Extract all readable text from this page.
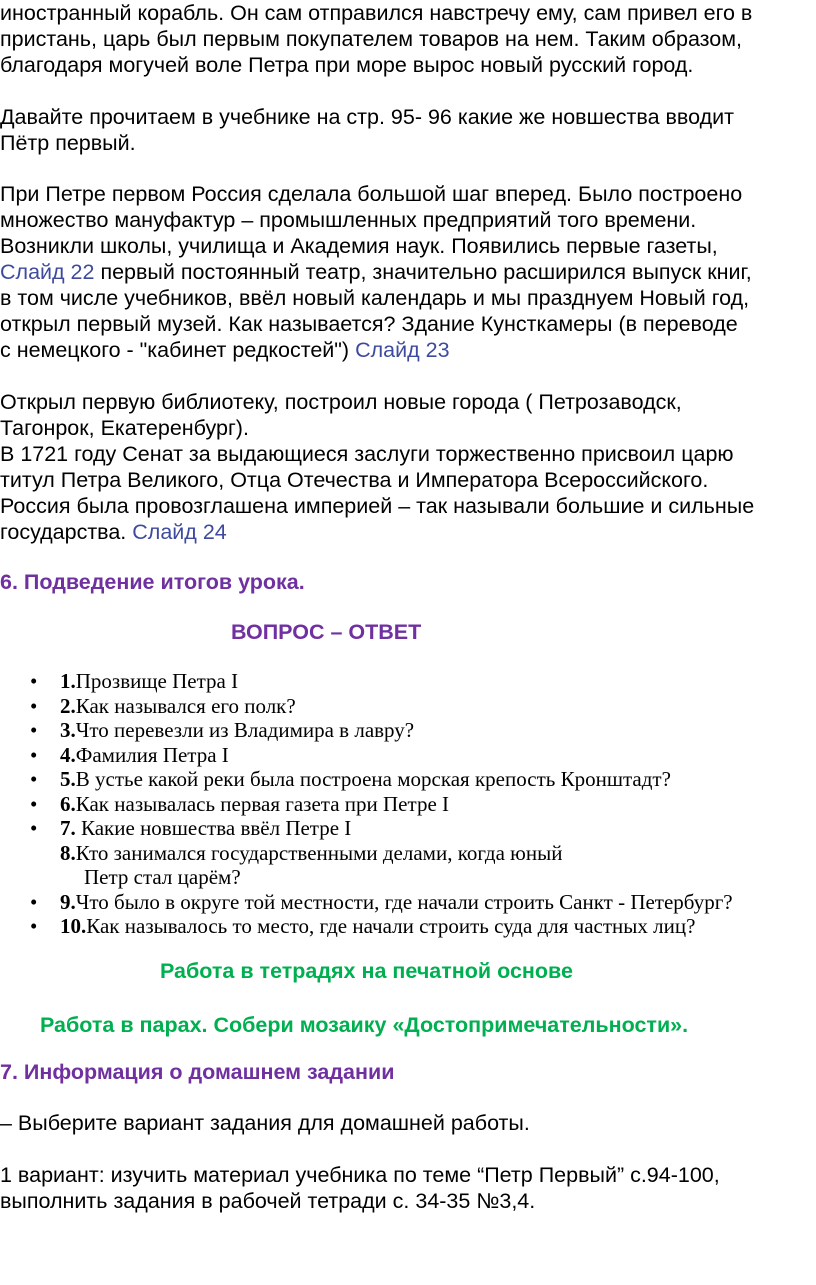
иностранный корабль. Он сам отправился навстречу ему, сам привел его в

пристань, царь был первым покупателем товаров на нем. Таким образом,

благодаря могучей воле Петра при море вырос новый русский город.

Давайте прочитаем в учебнике на стр. 95- 96 какие же новшества вводит

Пётр первый.

При Петре первом Россия сделала большой шаг вперед. Было построено

множество мануфактур – промышленных предприятий того времени.

Возникли школы, училища и Академия наук. Появились первые газеты,

Слайд 22 первый постоянный театр, значительно расширился выпуск книг,

в том числе учебников, ввёл новый календарь и мы празднуем Новый год,

открыл первый музей. Как называется? Здание Кунсткамеры (в переводе

с немецкого - "кабинет редкостей") Слайд 23

Открыл первую библиотеку, построил новые города ( Петрозаводск,

Тагонрок, Екатеренбург).

В 1721 году Сенат за выдающиеся заслуги торжественно присвоил царю

титул Петра Великого, Отца Отечества и Императора Всероссийского.

Россия была провозглашена империей – так называли большие и сильные

государства. Слайд 24

6. Подведение итогов урока.

ВОПРОС – ОТВЕТ
• 1.Прозвище Петра I
• 2.Как назывался его полк?
• 3.Что перевезли из Владимира в лавру?
• 4.Фамилия Петра I
• 5.В устье какой реки была построена морская крепость Кронштадт?
• 6.Как называлась первая газета при Петре I
• 7. Какие новшества ввёл Петре I
8.Кто занимался государственными делами, когда юный
Петр стал царём?
• 9.Что было в округе той местности, где начали строить Санкт - Петербург?
• 10.Как называлось то место, где начали строить суда для частных лиц?
Работа в тетрадях на печатной основе
Работа в парах. Собери мозаику «Достопримечательности».

7. Информация о домашнем задании

– Выберите вариант задания для домашней работы.

1 вариант: изучить материал учебника по теме “Петр Первый” с.94-100,

выполнить задания в рабочей тетради с. 34-35 №3,4.
